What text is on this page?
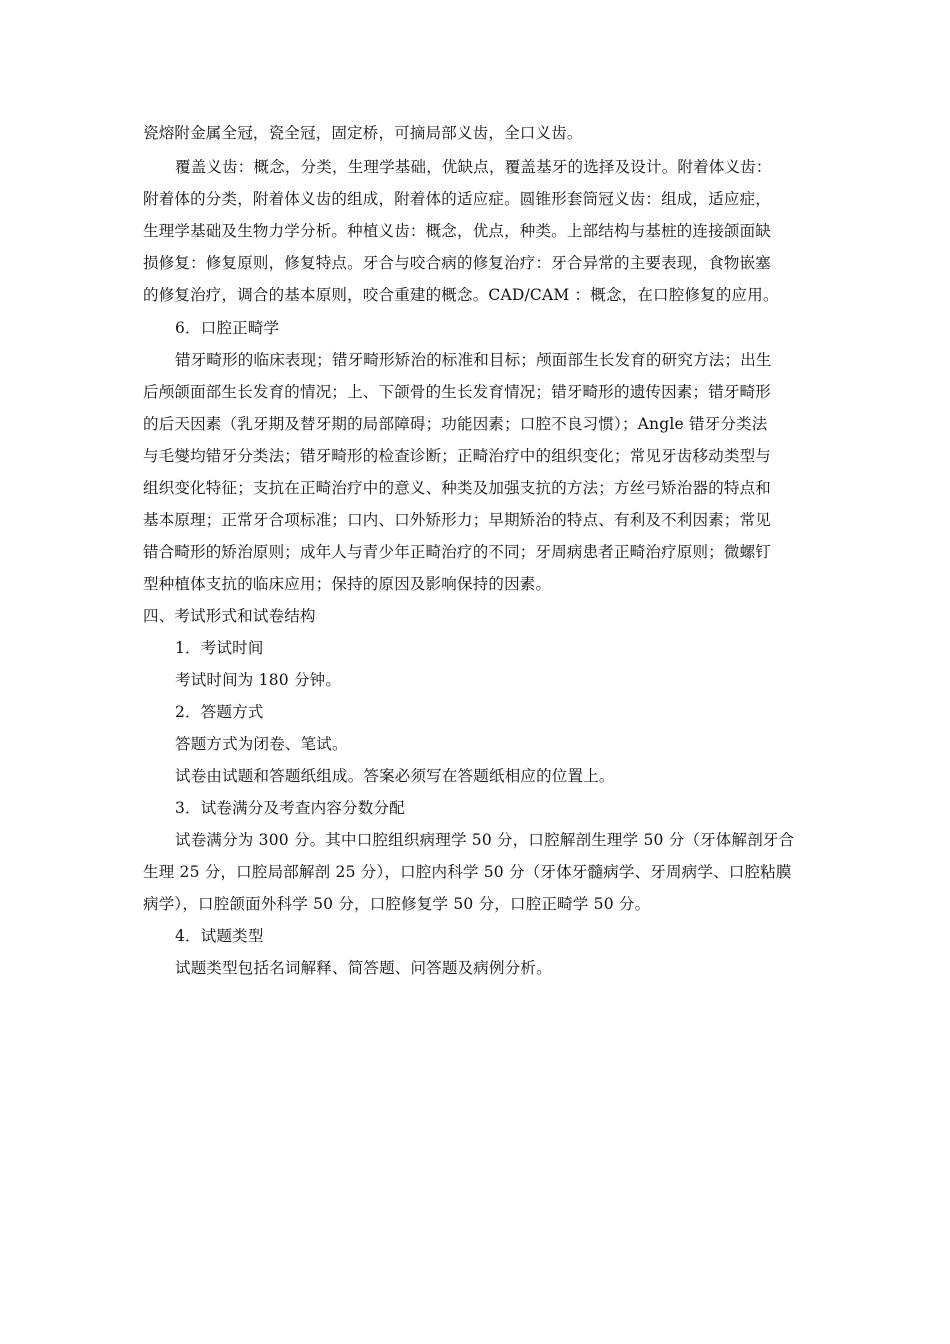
瓷熔附金属全冠，瓷全冠，固定桥，可摘局部义齿，全口义齿。
覆盖义齿：概念，分类，生理学基础，优缺点，覆盖基牙的选择及设计。附着体义齿：
附着体的分类，附着体义齿的组成，附着体的适应症。圆锥形套筒冠义齿：组成，适应症，
生理学基础及生物力学分析。种植义齿：概念，优点，种类。上部结构与基桩的连接颌面缺
损修复：修复原则，修复特点。牙合与咬合病的修复治疗：牙合异常的主要表现，食物嵌塞
的修复治疗，调合的基本原则，咬合重建的概念。CAD/CAM ：概念，在口腔修复的应用。
6．口腔正畸学
错牙畸形的临床表现；错牙畸形矫治的标准和目标；颅面部生长发育的研究方法；出生
后颅颌面部生长发育的情况；上、下颌骨的生长发育情况；错牙畸形的遗传因素；错牙畸形
的后天因素（乳牙期及替牙期的局部障碍；功能因素；口腔不良习惯）；Angle 错牙分类法
与毛燮均错牙分类法；错牙畸形的检查诊断；正畸治疗中的组织变化；常见牙齿移动类型与
组织变化特征；支抗在正畸治疗中的意义、种类及加强支抗的方法；方丝弓矫治器的特点和
基本原理；正常牙合项标准；口内、口外矫形力；早期矫治的特点、有利及不利因素；常见
错合畸形的矫治原则；成年人与青少年正畸治疗的不同；牙周病患者正畸治疗原则；微螺钉
型种植体支抗的临床应用；保持的原因及影响保持的因素。
四、考试形式和试卷结构
1．考试时间
考试时间为 180 分钟。
2．答题方式
答题方式为闭卷、笔试。
试卷由试题和答题纸组成。答案必须写在答题纸相应的位置上。
3．试卷满分及考查内容分数分配
试卷满分为 300 分。其中口腔组织病理学 50 分，口腔解剖生理学 50 分（牙体解剖牙合
生理 25 分，口腔局部解剖 25 分），口腔内科学 50 分（牙体牙髓病学、牙周病学、口腔粘膜
病学），口腔颌面外科学 50 分，口腔修复学 50 分，口腔正畸学 50 分。
4．试题类型
试题类型包括名词解释、简答题、问答题及病例分析。
